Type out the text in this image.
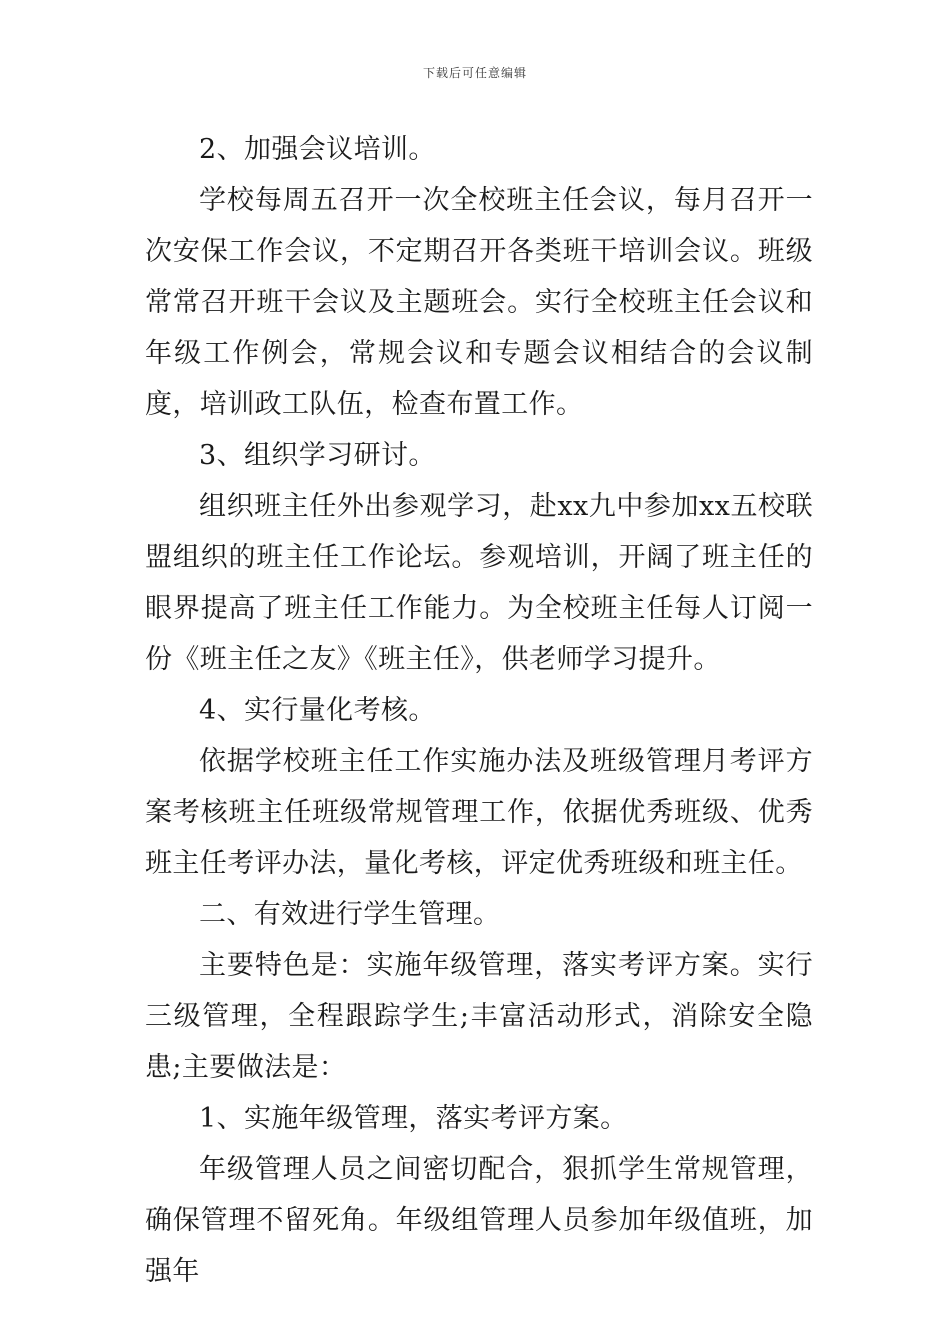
下载后可任意编辑

2、加强会议培训。

学校每周五召开一次全校班主任会议，每月召开一次安保工作会议，不定期召开各类班干培训会议。班级常常召开班干会议及主题班会。实行全校班主任会议和年级工作例会，常规会议和专题会议相结合的会议制度，培训政工队伍，检查布置工作。

3、组织学习研讨。

组织班主任外出参观学习，赴xx九中参加xx五校联盟组织的班主任工作论坛。参观培训，开阔了班主任的眼界提高了班主任工作能力。为全校班主任每人订阅一份《班主任之友》《班主任》，供老师学习提升。

4、实行量化考核。

依据学校班主任工作实施办法及班级管理月考评方案考核班主任班级常规管理工作，依据优秀班级、优秀班主任考评办法，量化考核，评定优秀班级和班主任。

二、有效进行学生管理。

主要特色是：实施年级管理，落实考评方案。实行三级管理，全程跟踪学生;丰富活动形式，消除安全隐患;主要做法是：

1、实施年级管理，落实考评方案。

年级管理人员之间密切配合，狠抓学生常规管理，确保管理不留死角。年级组管理人员参加年级值班，加强年
